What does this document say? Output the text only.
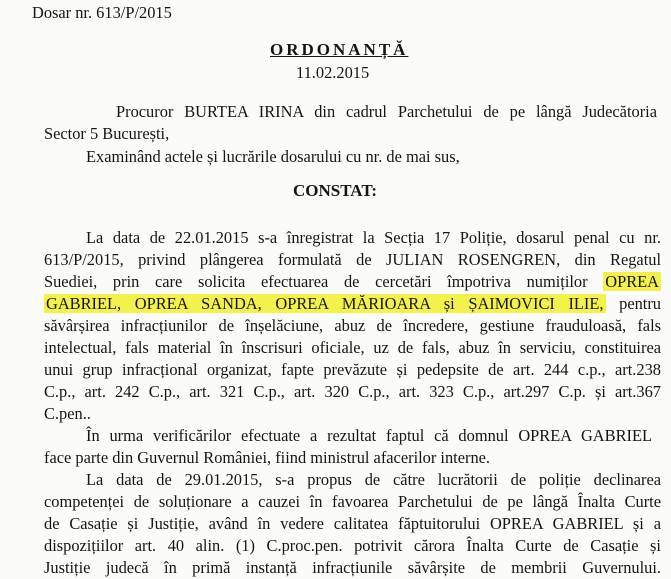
Dosar nr. 613/P/2015
ORDONANȚĂ
11.02.2015
Procuror BURTEA IRINA din cadrul Parchetului de pe lângă Judecătoria
Sector 5 București,
Examinând actele și lucrările dosarului cu nr. de mai sus,
CONSTAT:
La data de 22.01.2015 s-a înregistrat la Secția 17 Poliție, dosarul penal cu nr.
613/P/2015, privind plângerea formulată de JULIAN ROSENGREN, din Regatul
Suediei, prin care solicita efectuarea de cercetări împotriva numiților OPREA
GABRIEL, OPREA SANDA, OPREA MĂRIOARA și ȘAIMOVICI ILIE, pentru
săvârșirea infracțiunilor de înșelăciune, abuz de încredere, gestiune frauduloasă, fals
intelectual, fals material în înscrisuri oficiale, uz de fals, abuz în serviciu, constituirea
unui grup infracțional organizat, fapte prevăzute și pedepsite de art. 244 c.p., art.238
C.p., art. 242 C.p., art. 321 C.p., art. 320 C.p., art. 323 C.p., art.297 C.p. și art.367
C.pen..
În urma verificărilor efectuate a rezultat faptul că domnul OPREA GABRIEL
face parte din Guvernul României, fiind ministrul afacerilor interne.
La data de 29.01.2015, s-a propus de către lucrătorii de poliție declinarea
competenței de soluționare a cauzei în favoarea Parchetului de pe lângă Înalta Curte
de Casație și Justiție, având în vedere calitatea făptuitorului OPREA GABRIEL și a
dispozițiilor art. 40 alin. (1) C.proc.pen. potrivit cărora Înalta Curte de Casație și
Justiție judecă în primă instanță infracțiunile săvârșite de membrii Guvernului.
